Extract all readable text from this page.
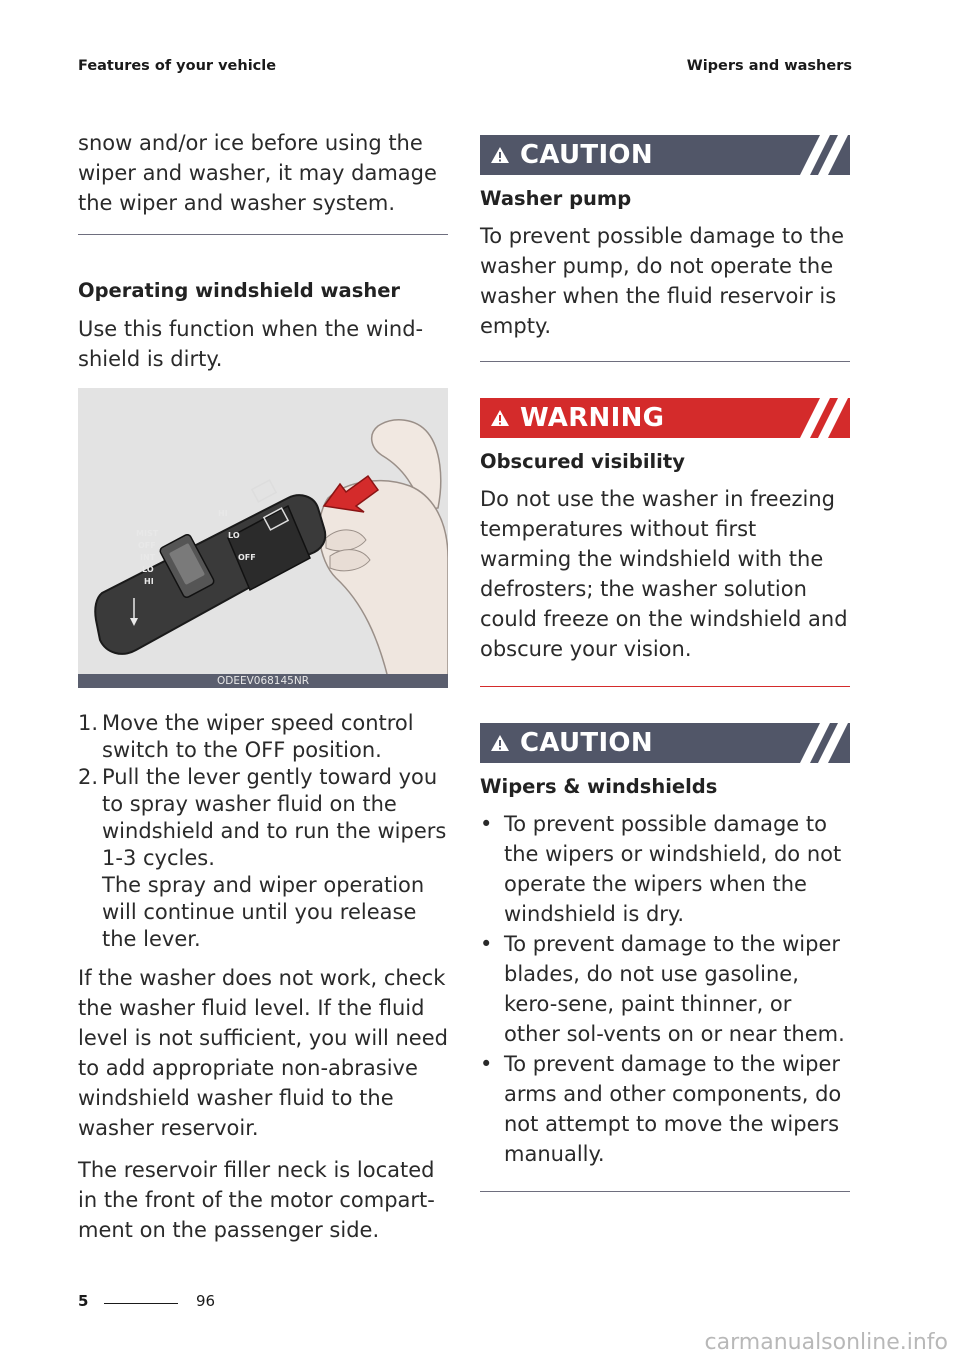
Features of your vehicle	Wipers and washers

snow and/or ice before using the wiper and washer, it may damage the wiper and washer system.

Operating windshield washer

Use this function when the wind-shield is dirty.

MIST
OFF
INT
LO
HI
HI
LO
OFF
ODEEV068145NR
1. Move the wiper speed control switch to the OFF position.
2. Pull the lever gently toward you to spray washer fluid on the windshield and to run the wipers 1-3 cycles.
The spray and wiper operation will continue until you release the lever.

If the washer does not work, check the washer fluid level. If the fluid level is not sufficient, you will need to add appropriate non-abrasive windshield washer fluid to the washer reservoir.

The reservoir filler neck is located in the front of the motor compart-ment on the passenger side.

CAUTION

Washer pump

To prevent possible damage to the washer pump, do not operate the washer when the fluid reservoir is empty.

WARNING

Obscured visibility

Do not use the washer in freezing temperatures without first warming the windshield with the defrosters; the washer solution could freeze on the windshield and obscure your vision.

CAUTION

Wipers & windshields

• To prevent possible damage to the wipers or windshield, do not operate the wipers when the windshield is dry.
• To prevent damage to the wiper blades, do not use gasoline, kero-sene, paint thinner, or other sol-vents on or near them.
• To prevent damage to the wiper arms and other components, do not attempt to move the wipers manually.
5	96
carmanualsonline.info
